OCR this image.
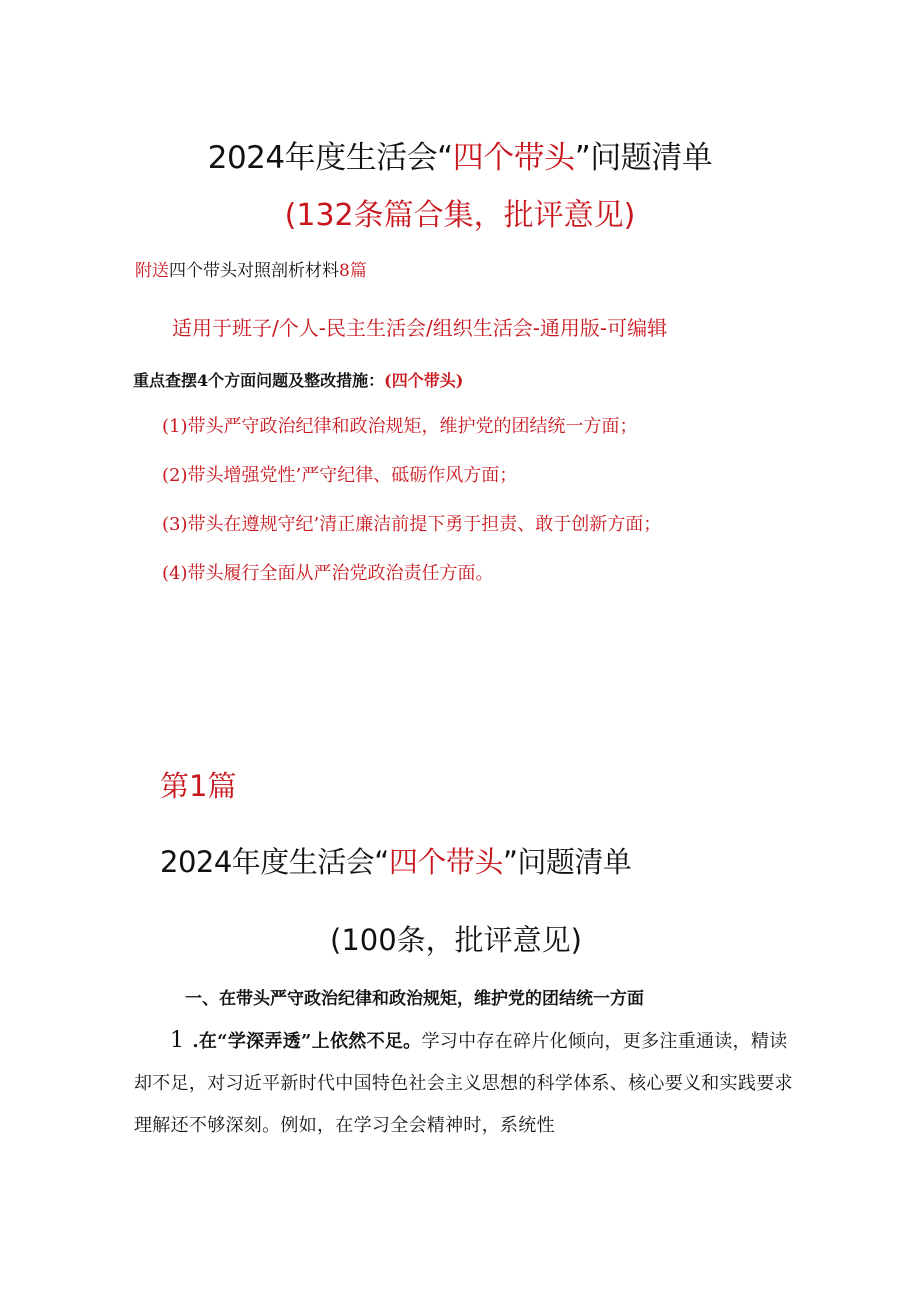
2024年度生活会“四个带头”问题清单
(132条篇合集，批评意见)
附送四个带头对照剖析材料8篇
适用于班子/个人-民主生活会/组织生活会-通用版-可编辑
重点查摆4个方面问题及整改措施：(四个带头)
(1)带头严守政治纪律和政治规矩，维护党的团结统一方面；
(2)带头增强党性’严守纪律、砥砺作风方面；
(3)带头在遵规守纪’清正廉洁前提下勇于担责、敢于创新方面；
(4)带头履行全面从严治党政治责任方面。
第1篇
2024年度生活会“四个带头”问题清单
(100条，批评意见)
一、在带头严守政治纪律和政治规矩，维护党的团结统一方面
1 .在“学深弄透”上依然不足。学习中存在碎片化倾向，更多注重通读，精读却不足，对习近平新时代中国特色社会主义思想的科学体系、核心要义和实践要求理解还不够深刻。例如，在学习全会精神时，系统性
